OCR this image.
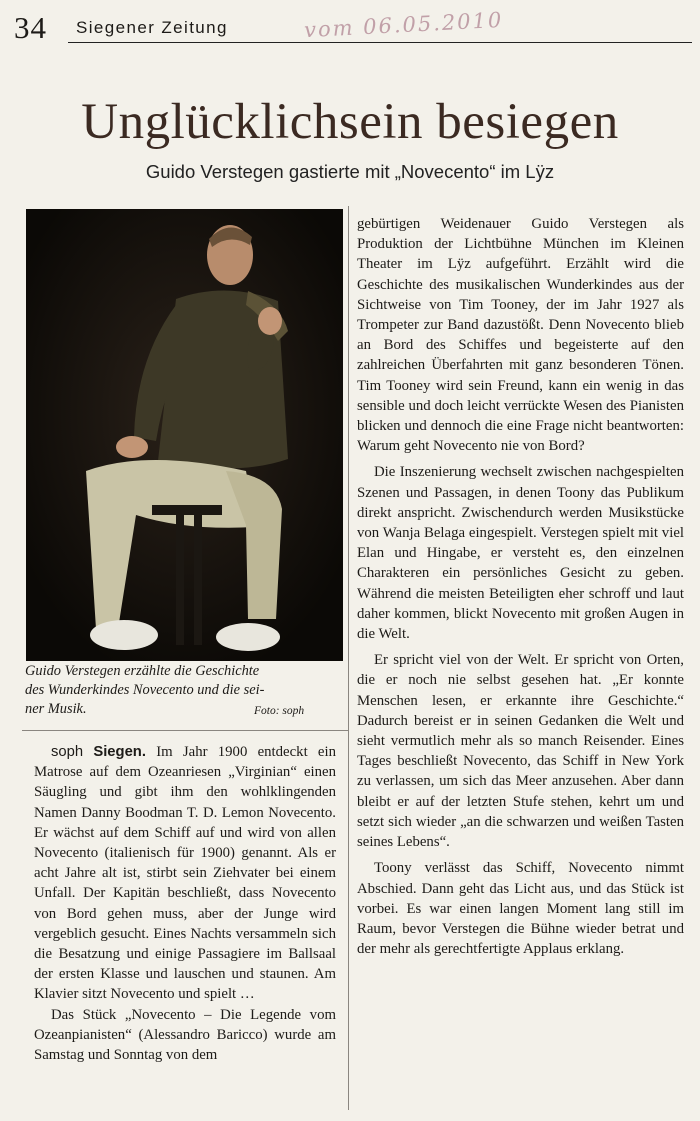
34 Siegener Zeitung	vom 06.05.2010
Unglücklichsein besiegen
Guido Verstegen gastierte mit „Novecento“ im Lÿz

Guido Verstegen erzählte die Geschichte

des Wunderkindes Novecento und die sei-

ner Musik.	Foto: soph

soph Siegen. Im Jahr 1900 entdeckt ein Matrose auf dem Ozeanriesen „Virginian“ einen Säugling und gibt ihm den wohlklingenden Namen Danny Boodman T. D. Lemon Novecento. Er wächst auf dem Schiff auf und wird von allen Novecento (italienisch für 1900) genannt. Als er acht Jahre alt ist, stirbt sein Ziehvater bei einem Unfall. Der Kapitän beschließt, dass Novecento von Bord gehen muss, aber der Junge wird vergeblich gesucht. Eines Nachts versammeln sich die Besatzung und einige Passagiere im Ballsaal der ersten Klasse und lauschen und staunen. Am Klavier sitzt Novecento und spielt …

Das Stück „Novecento – Die Legende vom Ozeanpianisten“ (Alessandro Baricco) wurde am Samstag und Sonntag von dem

gebürtigen Weidenauer Guido Verstegen als Produktion der Lichtbühne München im Kleinen Theater im Lÿz aufgeführt. Erzählt wird die Geschichte des musikalischen Wunderkindes aus der Sichtweise von Tim Tooney, der im Jahr 1927 als Trompeter zur Band dazustößt. Denn Novecento blieb an Bord des Schiffes und begeisterte auf den zahlreichen Überfahrten mit ganz besonderen Tönen. Tim Tooney wird sein Freund, kann ein wenig in das sensible und doch leicht verrückte Wesen des Pianisten blicken und dennoch die eine Frage nicht beantworten: Warum geht Novecento nie von Bord?

Die Inszenierung wechselt zwischen nachgespielten Szenen und Passagen, in denen Toony das Publikum direkt anspricht. Zwischendurch werden Musikstücke von Wanja Belaga eingespielt. Verstegen spielt mit viel Elan und Hingabe, er versteht es, den einzelnen Charakteren ein persönliches Gesicht zu geben. Während die meisten Beteiligten eher schroff und laut daher kommen, blickt Novecento mit großen Augen in die Welt.

Er spricht viel von der Welt. Er spricht von Orten, die er noch nie selbst gesehen hat. „Er konnte Menschen lesen, er erkannte ihre Geschichte.“ Dadurch bereist er in seinen Gedanken die Welt und sieht vermutlich mehr als so manch Reisender. Eines Tages beschließt Novecento, das Schiff in New York zu verlassen, um sich das Meer anzusehen. Aber dann bleibt er auf der letzten Stufe stehen, kehrt um und setzt sich wieder „an die schwarzen und weißen Tasten seines Lebens“.

Toony verlässt das Schiff, Novecento nimmt Abschied. Dann geht das Licht aus, und das Stück ist vorbei. Es war einen langen Moment lang still im Raum, bevor Verstegen die Bühne wieder betrat und der mehr als gerechtfertigte Applaus erklang.
